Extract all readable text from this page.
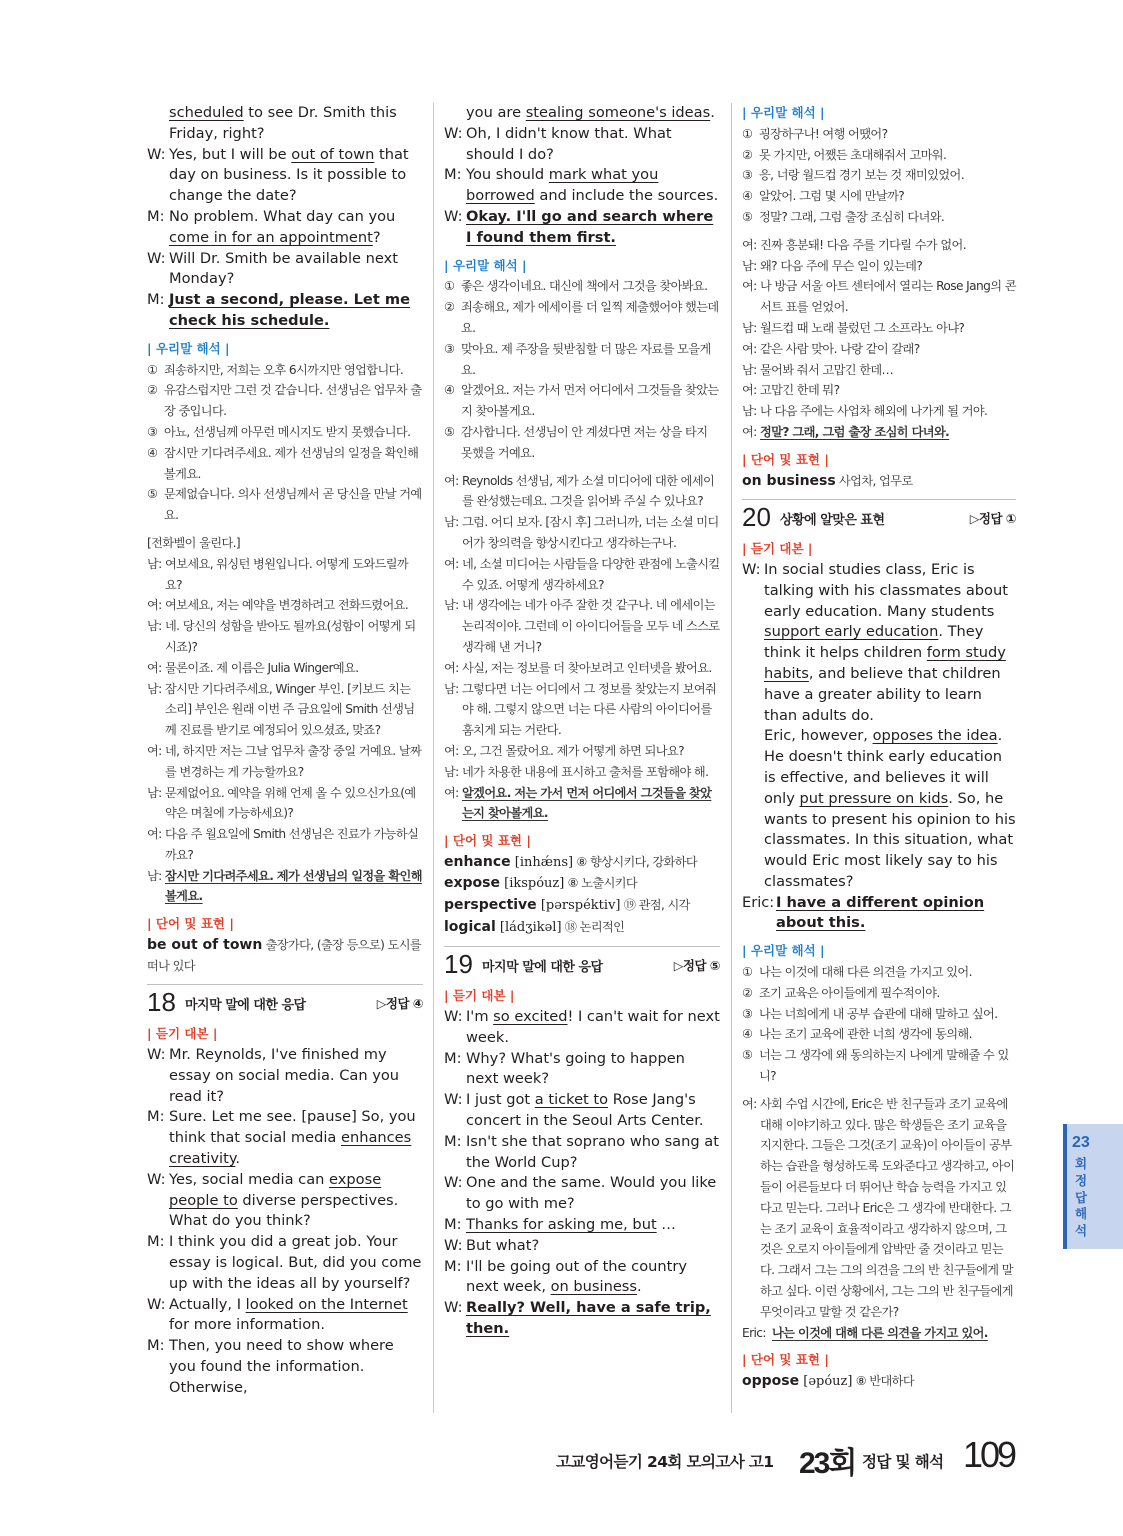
scheduled to see Dr. Smith this Friday, right?
W: Yes, but I will be out of town that day on business. Is it possible to change the date?
M: No problem. What day can you come in for an appointment?
W: Will Dr. Smith be available next Monday?
M: Just a second, please. Let me check his schedule.
| 우리말 해석 |
① 죄송하지만, 저희는 오후 6시까지만 영업합니다.
② 유감스럽지만 그런 것 같습니다. 선생님은 업무차 출장 중입니다.
③ 아뇨, 선생님께 아무런 메시지도 받지 못했습니다.
④ 잠시만 기다려주세요. 제가 선생님의 일정을 확인해 볼게요.
⑤ 문제없습니다. 의사 선생님께서 곧 당신을 만날 거예요.
[전화벨이 울린다.]
남: 여보세요, 워싱턴 병원입니다. 어떻게 도와드릴까요?
여: 여보세요, 저는 예약을 변경하려고 전화드렸어요.
남: 네. 당신의 성함을 받아도 될까요(성함이 어떻게 되시죠)?
여: 물론이죠. 제 이름은 Julia Winger예요.
남: 잠시만 기다려주세요, Winger 부인. [키보드 치는 소리] 부인은 원래 이번 주 금요일에 Smith 선생님께 진료를 받기로 예정되어 있으셨죠, 맞죠?
여: 네, 하지만 저는 그날 업무차 출장 중일 거예요. 날짜를 변경하는 게 가능할까요?
남: 문제없어요. 예약을 위해 언제 올 수 있으신가요(예약은 며칠에 가능하세요)?
여: 다음 주 월요일에 Smith 선생님은 진료가 가능하실까요?
남: 잠시만 기다려주세요. 제가 선생님의 일정을 확인해 볼게요.
| 단어 및 표현 |
be out of town 출장가다, (출장 등으로) 도시를 떠나 있다
18 마지막 말에 대한 응답	▷정답 ④
| 듣기 대본 |
W: Mr. Reynolds, I've finished my essay on social media. Can you read it?
M: Sure. Let me see. [pause] So, you think that social media enhances creativity.
W: Yes, social media can expose people to diverse perspectives. What do you think?
M: I think you did a great job. Your essay is logical. But, did you come up with the ideas all by yourself?
W: Actually, I looked on the Internet for more information.
M: Then, you need to show where you found the information. Otherwise,
you are stealing someone's ideas.
W: Oh, I didn't know that. What should I do?
M: You should mark what you borrowed and include the sources.
W: Okay. I'll go and search where I found them first.
| 우리말 해석 |
① 좋은 생각이네요. 대신에 책에서 그것을 찾아봐요.
② 죄송해요, 제가 에세이를 더 일찍 제출했어야 했는데요.
③ 맞아요. 제 주장을 뒷받침할 더 많은 자료를 모을게요.
④ 알겠어요. 저는 가서 먼저 어디에서 그것들을 찾았는지 찾아볼게요.
⑤ 감사합니다. 선생님이 안 계셨다면 저는 상을 타지 못했을 거예요.
여: Reynolds 선생님, 제가 소셜 미디어에 대한 에세이를 완성했는데요. 그것을 읽어봐 주실 수 있나요?
남: 그럼. 어디 보자. [잠시 후] 그러니까, 너는 소셜 미디어가 창의력을 향상시킨다고 생각하는구나.
여: 네, 소셜 미디어는 사람들을 다양한 관점에 노출시킬 수 있죠. 어떻게 생각하세요?
남: 내 생각에는 네가 아주 잘한 것 같구나. 네 에세이는 논리적이야. 그런데 이 아이디어들을 모두 네 스스로 생각해 낸 거니?
여: 사실, 저는 정보를 더 찾아보려고 인터넷을 봤어요.
남: 그렇다면 너는 어디에서 그 정보를 찾았는지 보여줘야 해. 그렇지 않으면 너는 다른 사람의 아이디어를 훔치게 되는 거란다.
여: 오, 그건 몰랐어요. 제가 어떻게 하면 되나요?
남: 네가 차용한 내용에 표시하고 출처를 포함해야 해.
여: 알겠어요. 저는 가서 먼저 어디에서 그것들을 찾았는지 찾아볼게요.
| 단어 및 표현 |
enhance [inhǽns] ⑧ 향상시키다, 강화하다
expose [ikspóuz] ⑧ 노출시키다
perspective [pərspéktiv] ⑲ 관점, 시각
logical [ládʒikəl] ⑱ 논리적인
19 마지막 말에 대한 응답	▷정답 ⑤
| 듣기 대본 |
W: I'm so excited! I can't wait for next week.
M: Why? What's going to happen next week?
W: I just got a ticket to Rose Jang's concert in the Seoul Arts Center.
M: Isn't she that soprano who sang at the World Cup?
W: One and the same. Would you like to go with me?
M: Thanks for asking me, but …
W: But what?
M: I'll be going out of the country next week, on business.
W: Really? Well, have a safe trip, then.
| 우리말 해석 |
① 굉장하구나! 여행 어땠어?
② 못 가지만, 어쨌든 초대해줘서 고마워.
③ 응, 너랑 월드컵 경기 보는 것 재미있었어.
④ 알았어. 그럼 몇 시에 만날까?
⑤ 정말? 그래, 그럼 출장 조심히 다녀와.
여: 진짜 흥분돼! 다음 주를 기다릴 수가 없어.
남: 왜? 다음 주에 무슨 일이 있는데?
여: 나 방금 서울 아트 센터에서 열리는 Rose Jang의 콘서트 표를 얻었어.
남: 월드컵 때 노래 불렀던 그 소프라노 아냐?
여: 같은 사람 맞아. 나랑 같이 갈래?
남: 물어봐 줘서 고맙긴 한데…
여: 고맙긴 한데 뭐?
남: 나 다음 주에는 사업차 해외에 나가게 될 거야.
여: 정말? 그래, 그럼 출장 조심히 다녀와.
| 단어 및 표현 |
on business 사업차, 업무로
20 상황에 알맞은 표현	▷정답 ①
| 듣기 대본 |
W: In social studies class, Eric is talking with his classmates about early education. Many students support early education. They think it helps children form study habits, and believe that children have a greater ability to learn than adults do.
Eric, however, opposes the idea. He doesn't think early education is effective, and believes it will only put pressure on kids. So, he wants to present his opinion to his classmates. In this situation, what would Eric most likely say to his classmates?
Eric: I have a different opinion about this.
| 우리말 해석 |
① 나는 이것에 대해 다른 의견을 가지고 있어.
② 조기 교육은 아이들에게 필수적이야.
③ 나는 너희에게 내 공부 습관에 대해 말하고 싶어.
④ 나는 조기 교육에 관한 너희 생각에 동의해.
⑤ 너는 그 생각에 왜 동의하는지 나에게 말해줄 수 있니?
여: 사회 수업 시간에, Eric은 반 친구들과 조기 교육에 대해 이야기하고 있다. 많은 학생들은 조기 교육을 지지한다. 그들은 그것(조기 교육)이 아이들이 공부하는 습관을 형성하도록 도와준다고 생각하고, 아이들이 어른들보다 더 뛰어난 학습 능력을 가지고 있다고 믿는다. 그러나 Eric은 그 생각에 반대한다. 그는 조기 교육이 효율적이라고 생각하지 않으며, 그것은 오로지 아이들에게 압박만 줄 것이라고 믿는다. 그래서 그는 그의 의견을 그의 반 친구들에게 말하고 싶다. 이런 상황에서, 그는 그의 반 친구들에게 무엇이라고 말할 것 같은가?
Eric: 나는 이것에 대해 다른 의견을 가지고 있어.
| 단어 및 표현 |
oppose [əpóuz] ⑧ 반대하다
23
회정답해석
고교영어듣기 24회 모의고사 고1 23회 정답 및 해석 109
